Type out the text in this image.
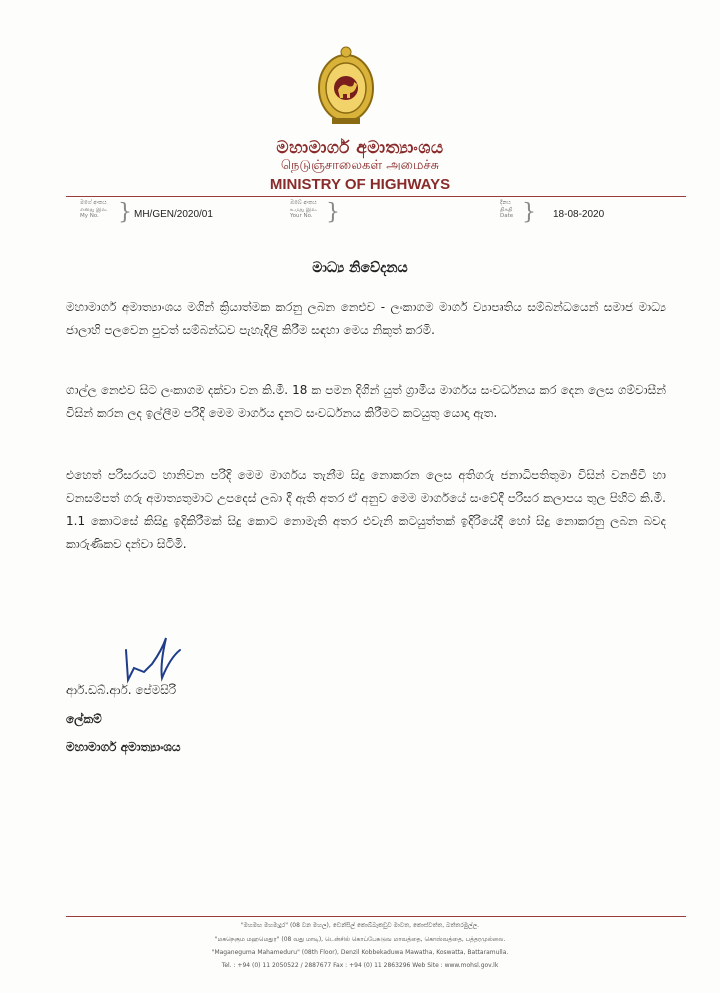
මහාමාර්ග අමාත්‍යාංශය
நெடுஞ்சாலைகள் அமைச்சு
MINISTRY OF HIGHWAYS
මගේ අංකය
எனது இல.
My No. } MH/GEN/2020/01
ඔබේ අංකය
உமது இல.
Your No. }	දිනය
திகதி
Date } 18-08-2020
මාධ්‍ය නිවේදනය
මහාමාර්ග අමාත්‍යාංශය මගින් ක්‍රියාත්මක කරනු ලබන නෙළුව - ලංකාගම මාර්ග ව්‍යාපෘතිය සම්බන්ධයෙන් සමාජ මාධ්‍ය ජාලාහි පලවෙන පුවත් සම්බන්ධව පැහැදිලි කිරීම සඳහා මෙය නිකුත් කරමි.
ගාල්ල නෙළුව සිට ලංකාගම දක්වා වන කි.මී. 18 ක පමන දිගින් යුත් ග්‍රාමීය මාර්ගය සංවර්ධනය කර දෙන ලෙස ගම්වාසීන් විසින් කරන ලද ඉල්ලීම පරිදි මෙම මාර්ගය දැනට සංවර්ධනය කිරීමට කටයුතු යොදා ඇත.
එහෙත් පරිසරයට හානිවන පරිදි මෙම මාර්ගය තැනීම සිදු නොකරන ලෙස අතිගරු ජනාධිපතිතුමා විසින් වනජීවී හා වනසම්පත් ගරු අමාත්‍යතුමාට උපදෙස් ලබා දී ඇති අතර ඒ අනුව මෙම මාර්ගයේ සංවේදී පරිසර කලාපය තුල පිහිට කි.මී. 1.1 කොටසේ කිසිදු ඉදිකිරීමක් සිදු කොට නොමැති අතර එවැනි කටයුත්තක් ඉදිරියේදී හෝ සිදු නොකරනු ලබන බවද කාරුණිකව දන්වා සිටිමි.
ආර්.ඩබ්.ආර්. පේමසිරි
ලේකම්
මහාමාර්ග අමාත්‍යාංශය
"මහමඟ මහමැදුර" (08 වන මහල), ඩෙන්සිල් කොබ්බෑකඩුව මාවත, කොස්වත්ත, බත්තරමුල්ල.
"மகநெகும மஹமெதுர" (08 வது மாடி), டென்சில் கொப்பேகடுவ மாவத்தை, கொஸ்வத்தை, பத்தரமுல்லை.
"Maganeguma Mahameduru" (08th Floor), Denzil Kobbekaduwa Mawatha, Koswatta, Battaramulla.
Tel. : +94 (0) 11 2050522 / 2887677 Fax : +94 (0) 11 2863296 Web Site : www.mohsl.gov.lk
